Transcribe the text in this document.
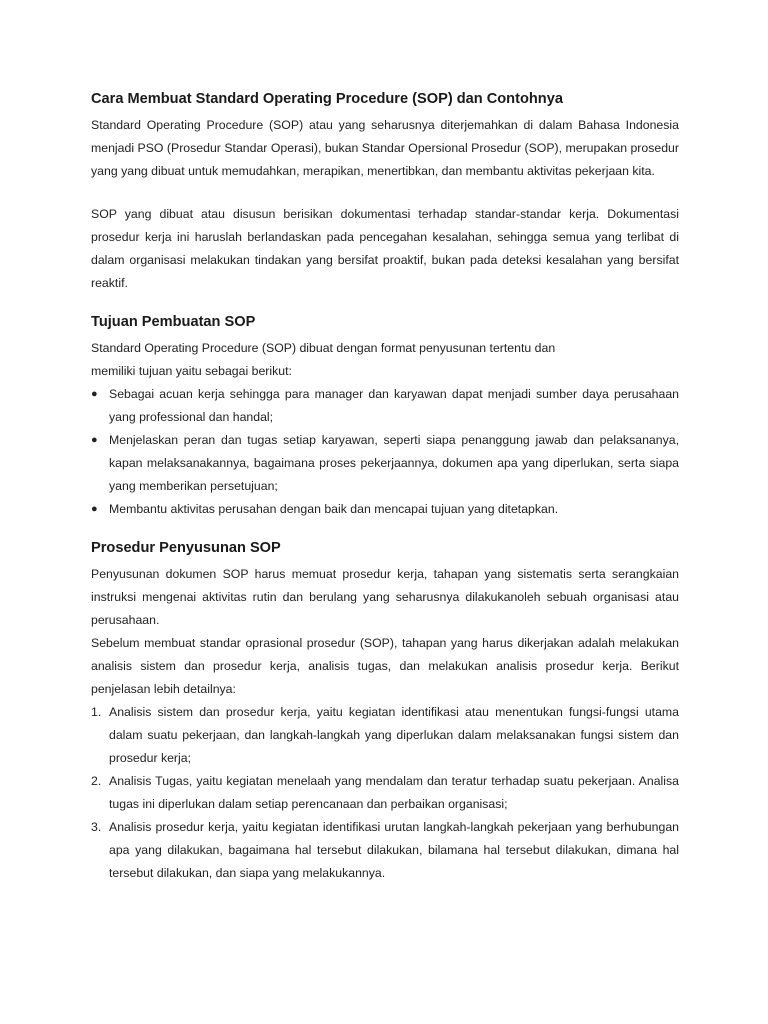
Cara Membuat Standard Operating Procedure (SOP) dan Contohnya

Standard Operating Procedure (SOP) atau yang seharusnya diterjemahkan di dalam Bahasa Indonesia menjadi PSO (Prosedur Standar Operasi), bukan Standar Opersional Prosedur (SOP), merupakan prosedur yang yang dibuat untuk memudahkan, merapikan, menertibkan, dan membantu aktivitas pekerjaan kita.

SOP yang dibuat atau disusun berisikan dokumentasi terhadap standar-standar kerja. Dokumentasi prosedur kerja ini haruslah berlandaskan pada pencegahan kesalahan, sehingga semua yang terlibat di dalam organisasi melakukan tindakan yang bersifat proaktif, bukan pada deteksi kesalahan yang bersifat reaktif.

Tujuan Pembuatan SOP

Standard Operating Procedure (SOP) dibuat dengan format penyusunan tertentu dan

memiliki tujuan yaitu sebagai berikut:

● Sebagai acuan kerja sehingga para manager dan karyawan dapat menjadi sumber daya perusahaan yang professional dan handal;
● Menjelaskan peran dan tugas setiap karyawan, seperti siapa penanggung jawab dan pelaksananya, kapan melaksanakannya, bagaimana proses pekerjaannya, dokumen apa yang diperlukan, serta siapa yang memberikan persetujuan;
● Membantu aktivitas perusahan dengan baik dan mencapai tujuan yang ditetapkan.
Prosedur Penyusunan SOP

Penyusunan dokumen SOP harus memuat prosedur kerja, tahapan yang sistematis serta serangkaian instruksi mengenai aktivitas rutin dan berulang yang seharusnya dilakukanoleh sebuah organisasi atau perusahaan.

Sebelum membuat standar oprasional prosedur (SOP), tahapan yang harus dikerjakan adalah melakukan analisis sistem dan prosedur kerja, analisis tugas, dan melakukan analisis prosedur kerja. Berikut penjelasan lebih detailnya:

1. Analisis sistem dan prosedur kerja, yaitu kegiatan identifikasi atau menentukan fungsi-fungsi utama dalam suatu pekerjaan, dan langkah-langkah yang diperlukan dalam melaksanakan fungsi sistem dan prosedur kerja;
2. Analisis Tugas, yaitu kegiatan menelaah yang mendalam dan teratur terhadap suatu pekerjaan. Analisa tugas ini diperlukan dalam setiap perencanaan dan perbaikan organisasi;
3. Analisis prosedur kerja, yaitu kegiatan identifikasi urutan langkah-langkah pekerjaan yang berhubungan apa yang dilakukan, bagaimana hal tersebut dilakukan, bilamana hal tersebut dilakukan, dimana hal tersebut dilakukan, dan siapa yang melakukannya.
